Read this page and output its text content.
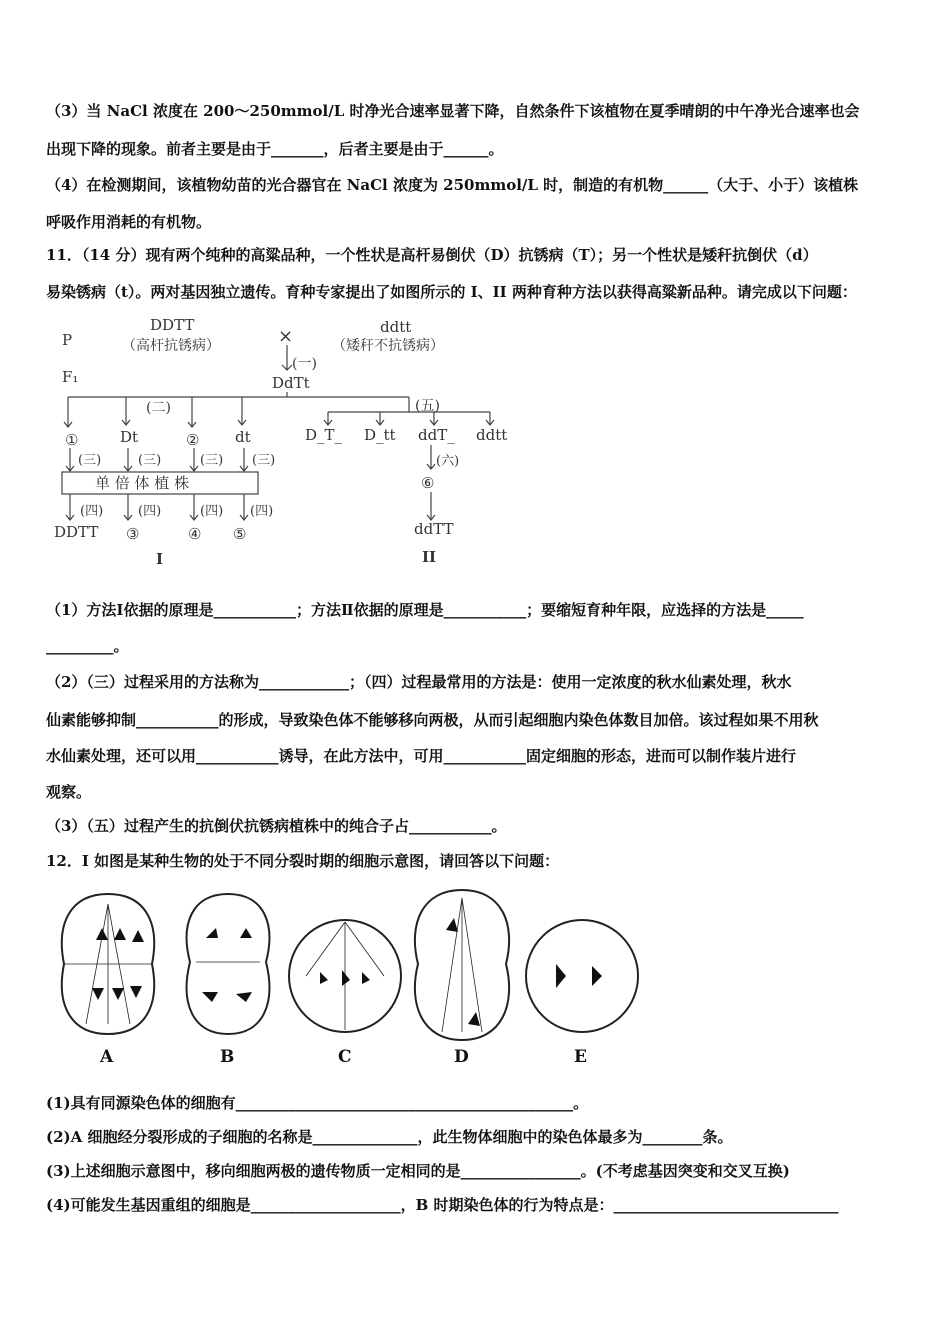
（3）当 NaCl 浓度在 200～250mmol/L 时净光合速率显著下降，自然条件下该植物在夏季晴朗的中午净光合速率也会
出现下降的现象。前者主要是由于_______，后者主要是由于______。
（4）在检测期间，该植物幼苗的光合器官在 NaCl 浓度为 250mmol/L 时，制造的有机物______（大于、小于）该植株
呼吸作用消耗的有机物。
11．（14 分）现有两个纯种的高粱品种，一个性状是高杆易倒伏（D）抗锈病（T）；另一个性状是矮秆抗倒伏（d）
易染锈病（t）。两对基因独立遗传。育种专家提出了如图所示的 I、II 两种育种方法以获得高粱新品种。请完成以下问题：
P
F₁
DDTT
（高杆抗锈病）	×	ddtt
（矮秆不抗锈病）
(一)
DdTt
(二)	(五)
①	Dt	② dt
(三)	(三)	(三) (三)
单 倍 体 植 株
(四)	(四)	(四) (四)
DDTT ③	④ ⑤
I
D_T_ D_tt ddT_ ddtt
(六)
⑥
ddTT
II
（1）方法Ⅰ依据的原理是___________；方法Ⅱ依据的原理是___________；要缩短育种年限，应选择的方法是_____
_________。
（2）（三）过程采用的方法称为____________；（四）过程最常用的方法是：使用一定浓度的秋水仙素处理，秋水
仙素能够抑制___________的形成，导致染色体不能够移向两极，从而引起细胞内染色体数目加倍。该过程如果不用秋
水仙素处理，还可以用___________诱导，在此方法中，可用___________固定细胞的形态，进而可以制作装片进行
观察。
（3）（五）过程产生的抗倒伏抗锈病植株中的纯合子占___________。
12．I 如图是某种生物的处于不同分裂时期的细胞示意图，请回答以下问题：
A	B	C	D	E
(1)具有同源染色体的细胞有_____________________________________________。
(2)A 细胞经分裂形成的子细胞的名称是______________，此生物体细胞中的染色体最多为________条。
(3)上述细胞示意图中，移向细胞两极的遗传物质一定相同的是________________。(不考虑基因突变和交叉互换)
(4)可能发生基因重组的细胞是____________________，B 时期染色体的行为特点是：______________________________
